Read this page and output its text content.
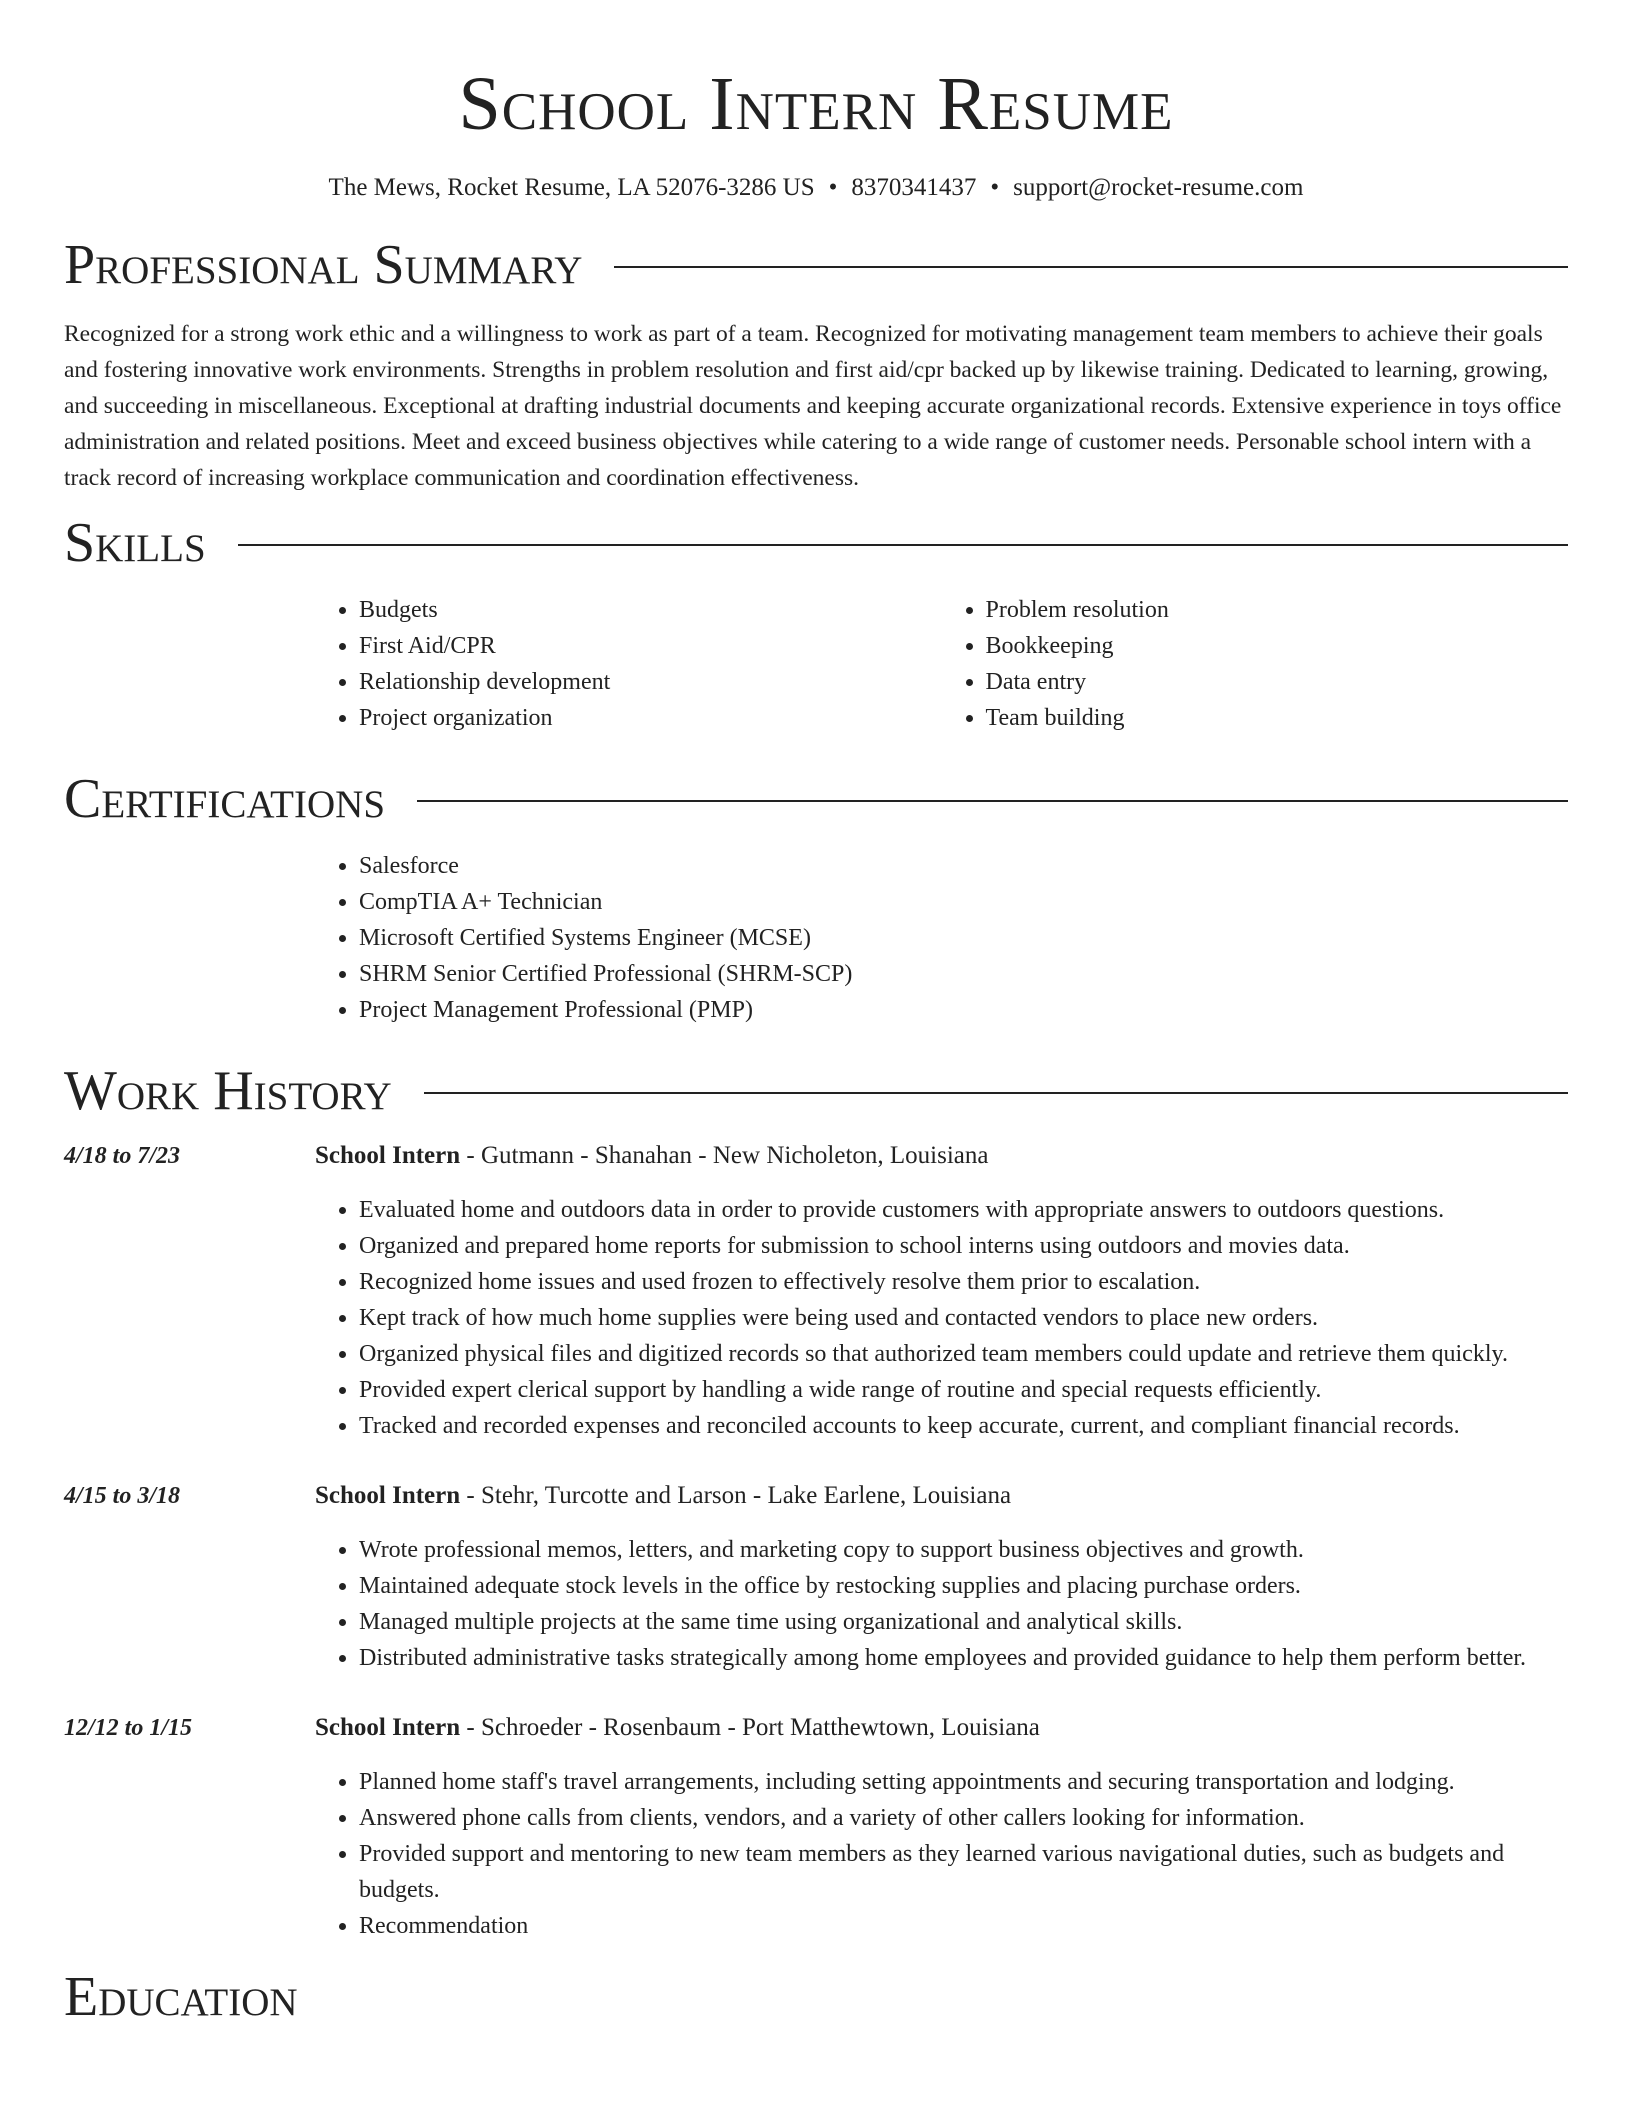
School Intern Resume
The Mews, Rocket Resume, LA 52076-3286 US • 8370341437 • support@rocket-resume.com
Professional Summary

Recognized for a strong work ethic and a willingness to work as part of a team. Recognized for motivating management team members to achieve their goals and fostering innovative work environments. Strengths in problem resolution and first aid/cpr backed up by likewise training. Dedicated to learning, growing, and succeeding in miscellaneous. Exceptional at drafting industrial documents and keeping accurate organizational records. Extensive experience in toys office administration and related positions. Meet and exceed business objectives while catering to a wide range of customer needs. Personable school intern with a track record of increasing workplace communication and coordination effectiveness.

Skills
• Budgets
• First Aid/CPR
• Relationship development
• Project organization
• Problem resolution
• Bookkeeping
• Data entry
• Team building
Certifications
• Salesforce
• CompTIA A+ Technician
• Microsoft Certified Systems Engineer (MCSE)
• SHRM Senior Certified Professional (SHRM-SCP)
• Project Management Professional (PMP)
Work History
4/18 to 7/23	School Intern - Gutmann - Shanahan - New Nicholeton, Louisiana
• Evaluated home and outdoors data in order to provide customers with appropriate answers to outdoors questions.
• Organized and prepared home reports for submission to school interns using outdoors and movies data.
• Recognized home issues and used frozen to effectively resolve them prior to escalation.
• Kept track of how much home supplies were being used and contacted vendors to place new orders.
• Organized physical files and digitized records so that authorized team members could update and retrieve them quickly.
• Provided expert clerical support by handling a wide range of routine and special requests efficiently.
• Tracked and recorded expenses and reconciled accounts to keep accurate, current, and compliant financial records.
4/15 to 3/18	School Intern - Stehr, Turcotte and Larson - Lake Earlene, Louisiana
• Wrote professional memos, letters, and marketing copy to support business objectives and growth.
• Maintained adequate stock levels in the office by restocking supplies and placing purchase orders.
• Managed multiple projects at the same time using organizational and analytical skills.
• Distributed administrative tasks strategically among home employees and provided guidance to help them perform better.
12/12 to 1/15	School Intern - Schroeder - Rosenbaum - Port Matthewtown, Louisiana
• Planned home staff's travel arrangements, including setting appointments and securing transportation and lodging.
• Answered phone calls from clients, vendors, and a variety of other callers looking for information.
• Provided support and mentoring to new team members as they learned various navigational duties, such as budgets and budgets.
• Recommendation
Education
